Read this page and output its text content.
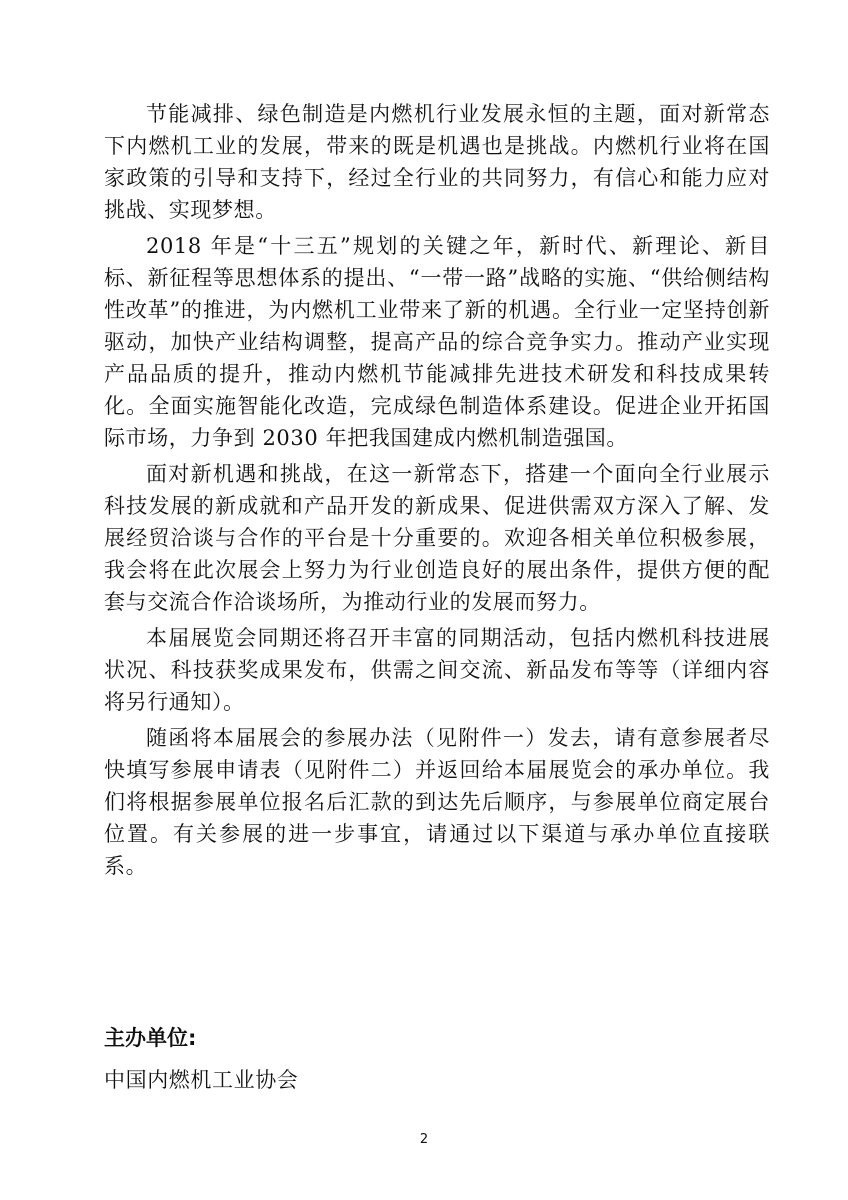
节能减排、绿色制造是内燃机行业发展永恒的主题，面对新常态下内燃机工业的发展，带来的既是机遇也是挑战。内燃机行业将在国家政策的引导和支持下，经过全行业的共同努力，有信心和能力应对挑战、实现梦想。

2018 年是“十三五”规划的关键之年，新时代、新理论、新目标、新征程等思想体系的提出、“一带一路”战略的实施、“供给侧结构性改革”的推进，为内燃机工业带来了新的机遇。全行业一定坚持创新驱动，加快产业结构调整，提高产品的综合竞争实力。推动产业实现产品品质的提升，推动内燃机节能减排先进技术研发和科技成果转化。全面实施智能化改造，完成绿色制造体系建设。促进企业开拓国际市场，力争到 2030 年把我国建成内燃机制造强国。

面对新机遇和挑战，在这一新常态下，搭建一个面向全行业展示科技发展的新成就和产品开发的新成果、促进供需双方深入了解、发展经贸洽谈与合作的平台是十分重要的。欢迎各相关单位积极参展，我会将在此次展会上努力为行业创造良好的展出条件，提供方便的配套与交流合作洽谈场所，为推动行业的发展而努力。

本届展览会同期还将召开丰富的同期活动，包括内燃机科技进展状况、科技获奖成果发布，供需之间交流、新品发布等等（详细内容将另行通知）。

随函将本届展会的参展办法（见附件一）发去，请有意参展者尽快填写参展申请表（见附件二）并返回给本届展览会的承办单位。我们将根据参展单位报名后汇款的到达先后顺序，与参展单位商定展台位置。有关参展的进一步事宜，请通过以下渠道与承办单位直接联系。

主办单位:

中国内燃机工业协会

2
